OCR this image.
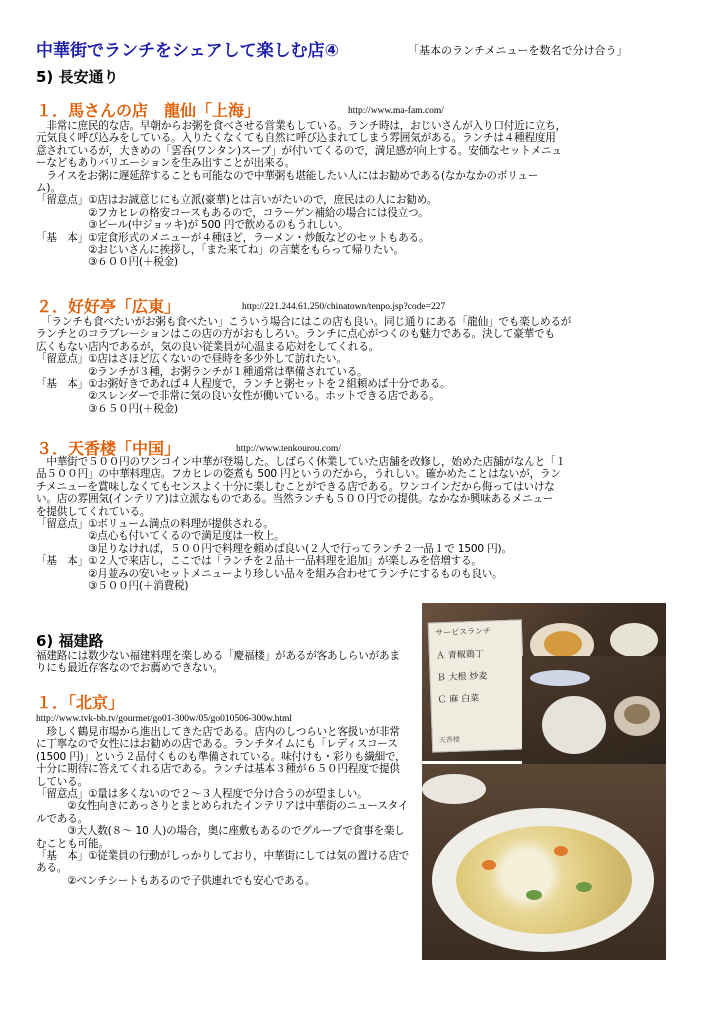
中華街でランチをシェアして楽しむ店④	「基本のランチメニューを数名で分け合う」
5) 長安通り
１．馬さんの店　龍仙「上海」	http://www.ma-fam.com/

　非常に庶民的な店。早朝からお粥を食べさせる営業もしている。ランチ時は，おじいさんが入り口付近に立ち，

元気良く呼び込みをしている。入りたくなくても自然に呼び込まれてしまう雰囲気がある。ランチは４種程度用

意されているが，大きめの「雲呑(ワンタン)スープ」が付いてくるので，満足感が向上する。安価なセットメニュ

ーなどもありバリエーションを生み出すことが出来る。

　ライスをお粥に遅延辞することも可能なので中華粥も堪能したい人にはお勧めである(なかなかのボリュー

ム)。

「留意点」①店はお誠意じにも立派(豪華)とは言いがたいので，庶民はの人にお勧め。

②フカヒレの格安コースもあるので，コラーゲン補給の場合には役立つ。

③ビール(中ジョッキ)が 500 円で飲めるのもうれしい。

「基　本」①定食形式のメニューが４種ほど，ラーメン・炒飯などのセットもある。

②おじいさんに挨拶し，「また来てね」の言葉をもらって帰りたい。

③６００円(＋税金)

２．好好亭「広東」	http://221.244.61.250/chinatown/tenpo.jsp?code=227

　「ランチも食べたいがお粥も食べたい」こういう場合にはこの店も良い。同じ通りにある「龍仙」でも楽しめるが

ランチとのコラブレーションはこの店の方がおもしろい。ランチに点心がつくのも魅力である。決して豪華でも

広くもない店内であるが，気の良い従業員が心温まる応対をしてくれる。

「留意点」①店はさほど広くないので昼時を多少外して訪れたい。

②ランチが３種，お粥ランチが１種通常は準備されている。

「基　本」①お粥好きであれば４人程度で，ランチと粥セットを２組頼めば十分である。

②スレンダーで非常に気の良い女性が働いている。ホットできる店である。

③６５０円(＋税金)

３．天香楼「中国」	http://www.tenkourou.com/

　中華街で５００円のワンコイン中華が登場した。しばらく休業していた店舗を改修し，始めた店舗がなんと「１

品５００円」の中華料理店。フカヒレの姿煮も 500 円というのだから，うれしい。確かめたことはないが，ラン

チメニューを賞味しなくてもセンスよく十分に楽しむことができる店である。ワンコインだから侮ってはいけな

い。店の雰囲気(インテリア)は立派なものである。当然ランチも５００円での提供。なかなか興味あるメニュー

を提供してくれている。

「留意点」①ボリューム満点の料理が提供される。

②点心も付いてくるので満足度は一枚上。

③足りなければ，５００円で料理を頼めば良い(２人で行ってランチ２一品１で 1500 円)。

「基　本」①２人で来店し，ここでは「ランチを２品＋一品料理を追加」が楽しみを倍増する。

②月並みの安いセットメニューより珍しい品々を組み合わせてランチにするものも良い。

③５００円(＋消費税)

6) 福建路

福建路には数少ない福建料理を楽しめる「慶福楼」があるが客あしらいがあまりにも最近存客なのでお薦めできない。

１．「北京」
http://www.tvk-bb.tv/gourmet/go01-300w/05/go010506-300w.html

　珍しく鶴見市場から進出してきた店である。店内のしつらいと客扱いが非常に丁寧なので女性にはお勧めの店である。ランチタイムにも「レディスコース(1500 円)」という２品付くものも準備されている。味付けも・彩りも繊細で，十分に期待に答えてくれる店である。ランチは基本３種が６５０円程度で提供している。

「留意点」①量は多くないので２〜３人程度で分け合うのが望ましい。

　　　②女性向きにあっさりとまとめられたインテリアは中華街のニュースタイルである。

　　　③大人数(８〜 10 人)の場合，奥に座敷もあるのでグループで食事を楽しむことも可能。

「基　本」①従業員の行動がしっかりしており，中華街にしては気の置ける店である。

　　　②ベンチシートもあるので子供連れでも安心である。

サービスランチ
Ａ 青椒鶏丁
Ｂ 大根 炒麦
Ｃ 麻 白菜
天香楼
